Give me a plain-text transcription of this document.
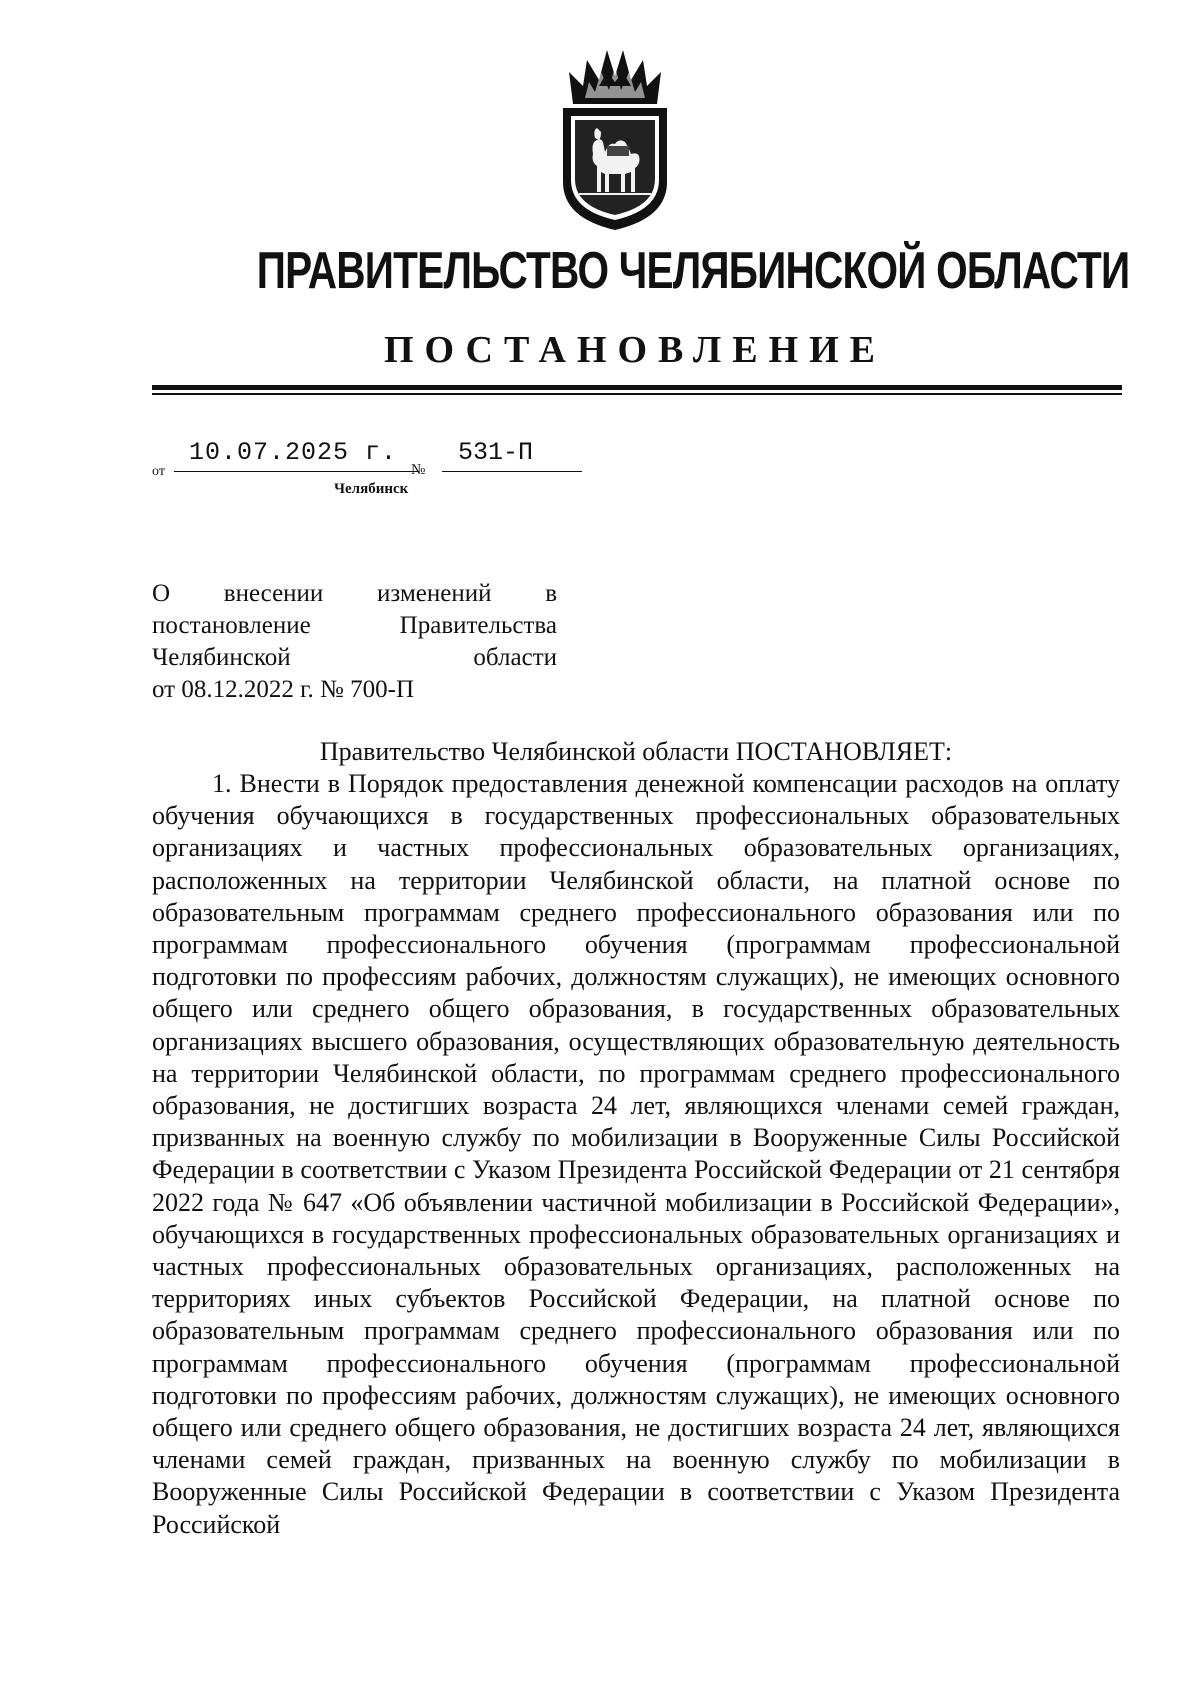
ПРАВИТЕЛЬСТВО ЧЕЛЯБИНСКОЙ ОБЛАСТИ
ПОСТАНОВЛЕНИЕ
от
10.07.2025 г.
№
531-П
Челябинск
О внесении изменений в
постановление Правительства
Челябинской области
от 08.12.2022 г. № 700-П
Правительство Челябинской области ПОСТАНОВЛЯЕТ:

1. Внести в Порядок предоставления денежной компенсации расходов на оплату обучения обучающихся в государственных профессиональных образовательных организациях и частных профессиональных образовательных организациях, расположенных на территории Челябинской области, на платной основе по образовательным программам среднего профессионального образования или по программам профессионального обучения (программам профессиональной подготовки по профессиям рабочих, должностям служащих), не имеющих основного общего или среднего общего образования, в государственных образовательных организациях высшего образования, осуществляющих образовательную деятельность на территории Челябинской области, по программам среднего профессионального образования, не достигших возраста 24 лет, являющихся членами семей граждан, призванных на военную службу по мобилизации в Вооруженные Силы Российской Федерации в соответствии с Указом Президента Российской Федерации от 21 сентября 2022 года № 647 «Об объявлении частичной мобилизации в Российской Федерации», обучающихся в государственных профессиональных образовательных организациях и частных профессиональных образовательных организациях, расположенных на территориях иных субъектов Российской Федерации, на платной основе по образовательным программам среднего профессионального образования или по программам профессионального обучения (программам профессиональной подготовки по профессиям рабочих, должностям служащих), не имеющих основного общего или среднего общего образования, не достигших возраста 24 лет, являющихся членами семей граждан, призванных на военную службу по мобилизации в Вооруженные Силы Российской Федерации в соответствии с Указом Президента Российской
